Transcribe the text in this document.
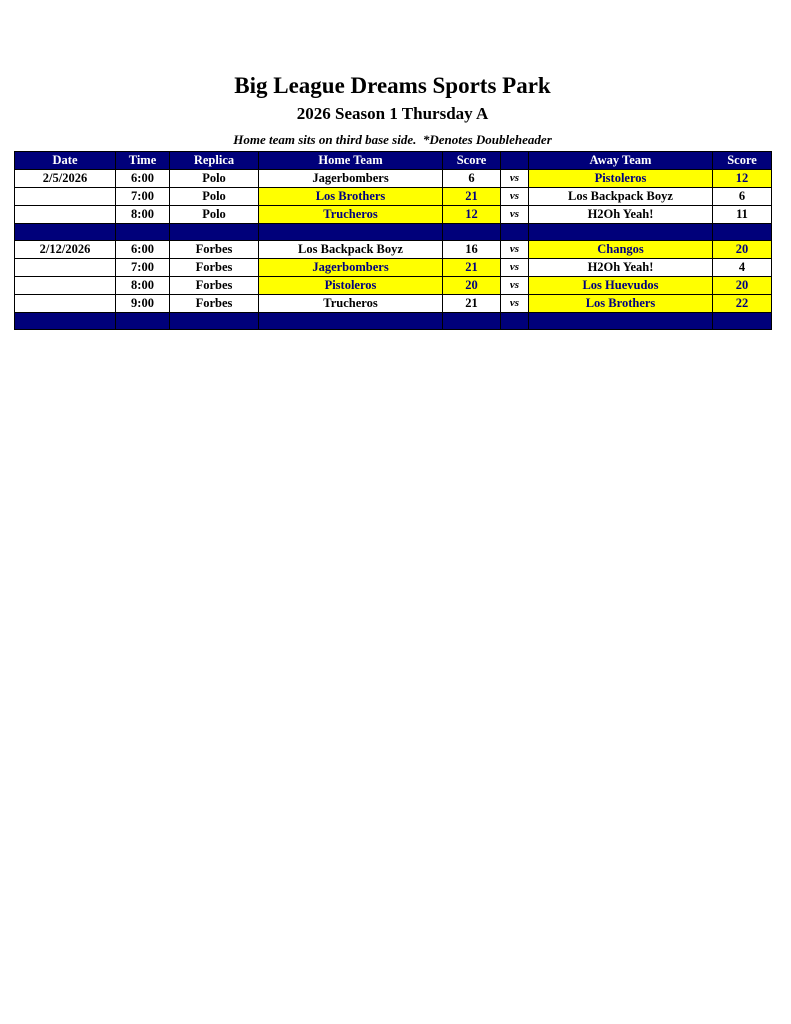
Big League Dreams Sports Park
2026 Season 1 Thursday A
Home team sits on third base side.  *Denotes Doubleheader
Date	Time	Replica	Home Team	Score		Away Team	Score
2/5/2026	6:00	Polo	Jagerbombers	6	vs	Pistoleros	12
	7:00	Polo	Los Brothers	21	vs	Los Backpack Boyz	6
	8:00	Polo	Trucheros	12	vs	H2Oh Yeah!	11

2/12/2026	6:00	Forbes	Los Backpack Boyz	16	vs	Changos	20
	7:00	Forbes	Jagerbombers	21	vs	H2Oh Yeah!	4
	8:00	Forbes	Pistoleros	20	vs	Los Huevudos	20
	9:00	Forbes	Trucheros	21	vs	Los Brothers	22
